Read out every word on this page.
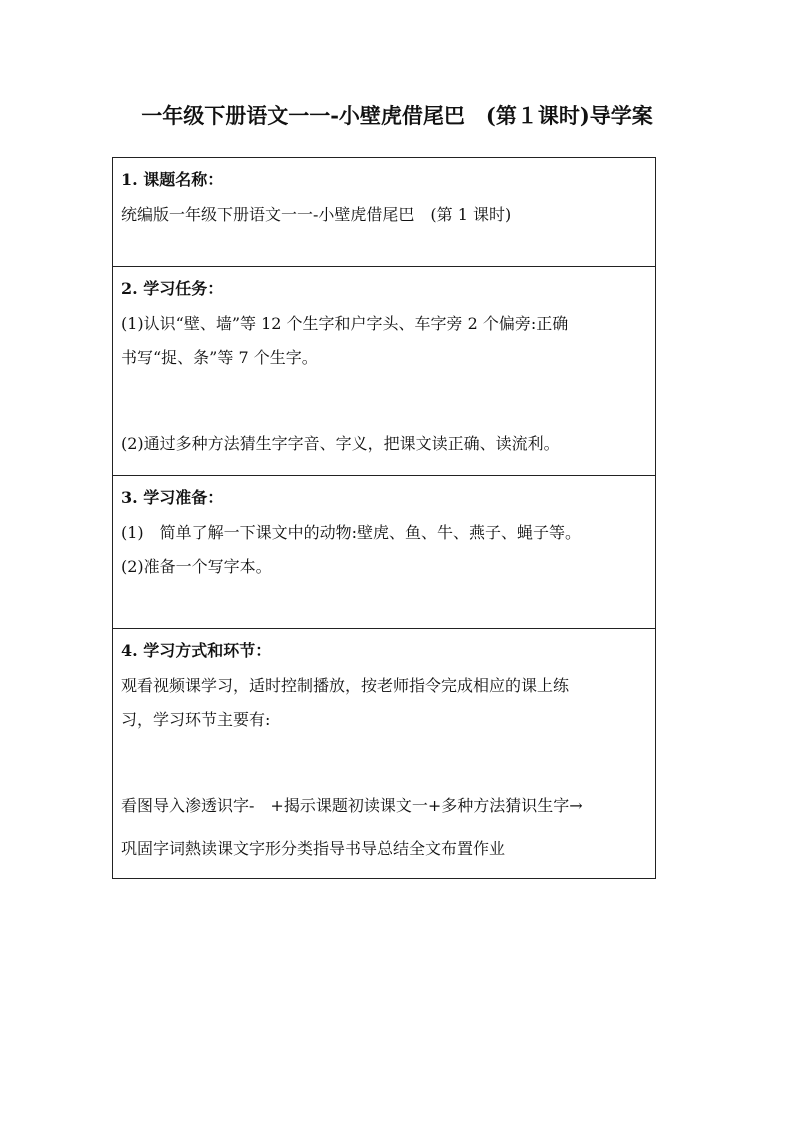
一年级下册语文一一-小壁虎借尾巴　(第１课时)导学案
1. 课题名称：
统编版一年级下册语文一一-小壁虎借尾巴　(第 1 课时)
2. 学习任务：
(1)认识“壁、墙”等 12 个生字和户字头、车字旁 2 个偏旁:正确
书写“捉、条”等 7 个生字。
(2)通过多种方法猜生字字音、字义，把课文读正确、读流利。
3. 学习准备：
(1)　简单了解一下课文中的动物:壁虎、鱼、牛、燕子、蝇子等。
(2)准备一个写字本。
4. 学习方式和环节：
观看视频课学习，适时控制播放，按老师指令完成相应的课上练
习，学习环节主要有:
看图导入渗透识字-　+揭示课题初读课文一+多种方法猜识生字→
巩固字词熱读课文字形分类指导书导总结全文布置作业
